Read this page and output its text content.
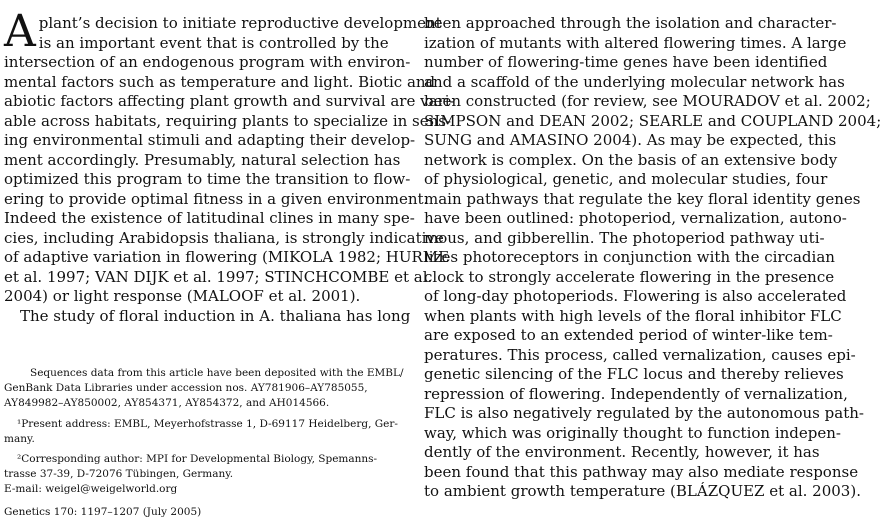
A plant’s decision to initiate reproductive development
is an important event that is controlled by the
intersection of an endogenous program with environ-
mental factors such as temperature and light. Biotic and
abiotic factors affecting plant growth and survival are vari-
able across habitats, requiring plants to specialize in sens-
ing environmental stimuli and adapting their develop-
ment accordingly. Presumably, natural selection has
optimized this program to time the transition to flow-
ering to provide optimal fitness in a given environment.
Indeed the existence of latitudinal clines in many spe-
cies, including Arabidopsis thaliana, is strongly indicative
of adaptive variation in flowering (MIKOLA 1982; HURME
et al. 1997; VAN DIJK et al. 1997; STINCHCOMBE et al.
2004) or light response (MALOOF et al. 2001).
The study of floral induction in A. thaliana has long
been approached through the isolation and character-
ization of mutants with altered flowering times. A large
number of flowering-time genes have been identified
and a scaffold of the underlying molecular network has
been constructed (for review, see MOURADOV et al. 2002;
SIMPSON and DEAN 2002; SEARLE and COUPLAND 2004;
SUNG and AMASINO 2004). As may be expected, this
network is complex. On the basis of an extensive body
of physiological, genetic, and molecular studies, four
main pathways that regulate the key floral identity genes
have been outlined: photoperiod, vernalization, autono-
mous, and gibberellin. The photoperiod pathway uti-
lizes photoreceptors in conjunction with the circadian
clock to strongly accelerate flowering in the presence
of long-day photoperiods. Flowering is also accelerated
when plants with high levels of the floral inhibitor FLC
are exposed to an extended period of winter-like tem-
peratures. This process, called vernalization, causes epi-
genetic silencing of the FLC locus and thereby relieves
repression of flowering. Independently of vernalization,
FLC is also negatively regulated by the autonomous path-
way, which was originally thought to function indepen-
dently of the environment. Recently, however, it has
been found that this pathway may also mediate response
to ambient growth temperature (BLÁZQUEZ et al. 2003).
Sequences data from this article have been deposited with the EMBL/
GenBank Data Libraries under accession nos. AY781906–AY785055,
AY849982–AY850002, AY854371, AY854372, and AH014566.
¹Present address: EMBL, Meyerhofstrasse 1, D-69117 Heidelberg, Ger-
many.
²Corresponding author: MPI for Developmental Biology, Spemanns-
trasse 37-39, D-72076 Tübingen, Germany.
E-mail: weigel@weigelworld.org
Genetics 170: 1197–1207 (July 2005)
